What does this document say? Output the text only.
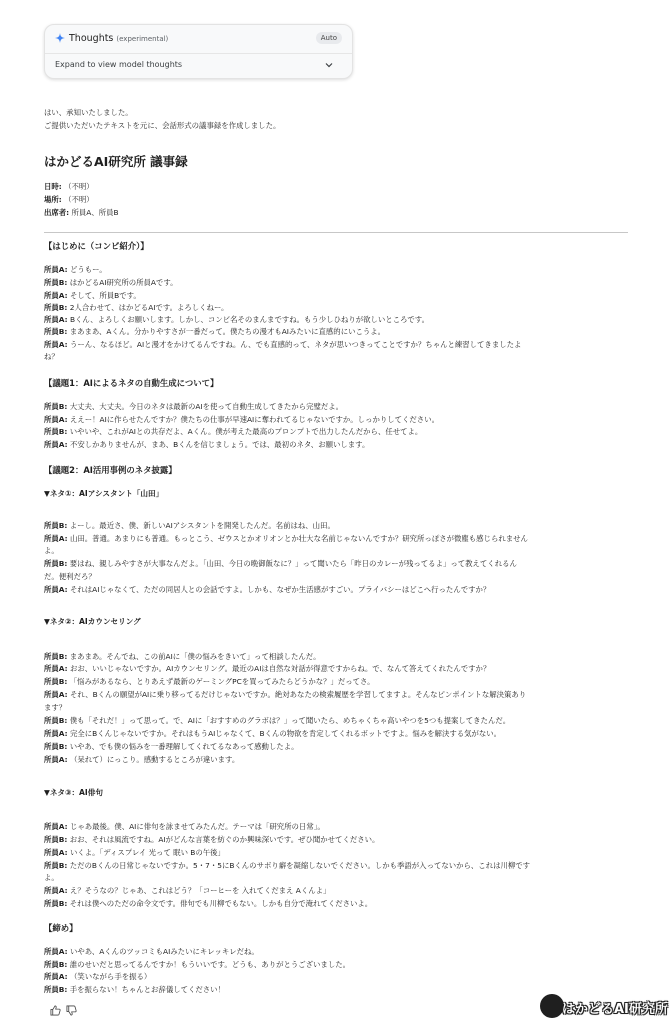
Thoughts (experimental)	Auto
Expand to view model thoughts
はい、承知いたしました。
ご提供いただいたテキストを元に、会話形式の議事録を作成しました。
はかどるAI研究所 議事録
日時: （不明）
場所: （不明）
出席者: 所員A、所員B
【はじめに（コンビ紹介）】
所員A: どうもー。
所員B: はかどるAI研究所の所員Aです。
所員A: そして、所員Bです。
所員B: 2人合わせて、はかどるAIです。よろしくねー。
所員A: Bくん、よろしくお願いします。しかし、コンビ名そのまんまですね。もう少しひねりが欲しいところです。
所員B: まあまあ、Aくん。分かりやすさが一番だって。僕たちの漫才もAIみたいに直感的にいこうよ。
所員A: うーん、なるほど。AIと漫才をかけてるんですね。ん、でも直感的って、ネタが思いつきってことですか？ちゃんと練習してきましたよ
ね？
【議題1：AIによるネタの自動生成について】
所員B: 大丈夫、大丈夫。今日のネタは最新のAIを使って自動生成してきたから完璧だよ。
所員A: ええー！AIに作らせたんですか？僕たちの仕事が早速AIに奪われてるじゃないですか。しっかりしてください。
所員B: いやいや、これがAIとの共存だよ、Aくん。僕が考えた最高のプロンプトで出力したんだから、任せてよ。
所員A: 不安しかありませんが、まあ、Bくんを信じましょう。では、最初のネタ、お願いします。
【議題2：AI活用事例のネタ披露】
▼ネタ①：AIアシスタント「山田」
所員B: よーし。最近さ、僕、新しいAIアシスタントを開発したんだ。名前はね、山田。
所員A: 山田。普通。あまりにも普通。もっとこう、ゼウスとかオリオンとか壮大な名前じゃないんですか？研究所っぽさが微塵も感じられません
よ。
所員B: 要はね、親しみやすさが大事なんだよ。「山田、今日の晩御飯なに？」って聞いたら「昨日のカレーが残ってるよ」って教えてくれるん
だ。便利だろ？
所員A: それはAIじゃなくて、ただの同居人との会話ですよ。しかも、なぜか生活感がすごい。プライバシーはどこへ行ったんですか？
▼ネタ②：AIカウンセリング
所員B: まあまあ。そんでね、この前AIに「僕の悩みをきいて」って相談したんだ。
所員A: おお、いいじゃないですか。AIカウンセリング。最近のAIは自然な対話が得意ですからね。で、なんて答えてくれたんですか？
所員B: 「悩みがあるなら、とりあえず最新のゲーミングPCを買ってみたらどうかな？」だってさ。
所員A: それ、Bくんの願望がAIに乗り移ってるだけじゃないですか。絶対あなたの検索履歴を学習してますよ。そんなピンポイントな解決策あり
ます？
所員B: 僕も「それだ！」って思って。で、AIに「おすすめのグラボは？」って聞いたら、めちゃくちゃ高いやつを5つも提案してきたんだ。
所員A: 完全にBくんじゃないですか。それはもうAIじゃなくて、Bくんの物欲を肯定してくれるボットですよ。悩みを解決する気がない。
所員B: いやあ、でも僕の悩みを一番理解してくれてるなあって感動したよ。
所員A: （呆れて）にっこり。感動するところが違います。
▼ネタ③：AI俳句
所員A: じゃあ最後。僕、AIに俳句を詠ませてみたんだ。テーマは「研究所の日常」。
所員B: おお、それは風流ですね。AIがどんな言葉を紡ぐのか興味深いです。ぜひ聞かせてください。
所員A: いくよ。「ディスプレイ 光って 眠い Bの午後」
所員B: ただのBくんの日常じゃないですか。5・7・5にBくんのサボり癖を凝縮しないでください。しかも季語が入ってないから、これは川柳です
よ。
所員A: え？そうなの？じゃあ、これはどう？「コーヒーを 入れてくだまえ Aくんよ」
所員B: それは僕へのただの命令文です。俳句でも川柳でもない。しかも自分で淹れてくださいよ。
【締め】
所員A: いやあ、AくんのツッコミもAIみたいにキレッキレだね。
所員B: 誰のせいだと思ってるんですか！もういいです。どうも、ありがとうございました。
所員A: （笑いながら手を振る）
所員B: 手を振らない！ちゃんとお辞儀してください！
はかどるAI研究所
